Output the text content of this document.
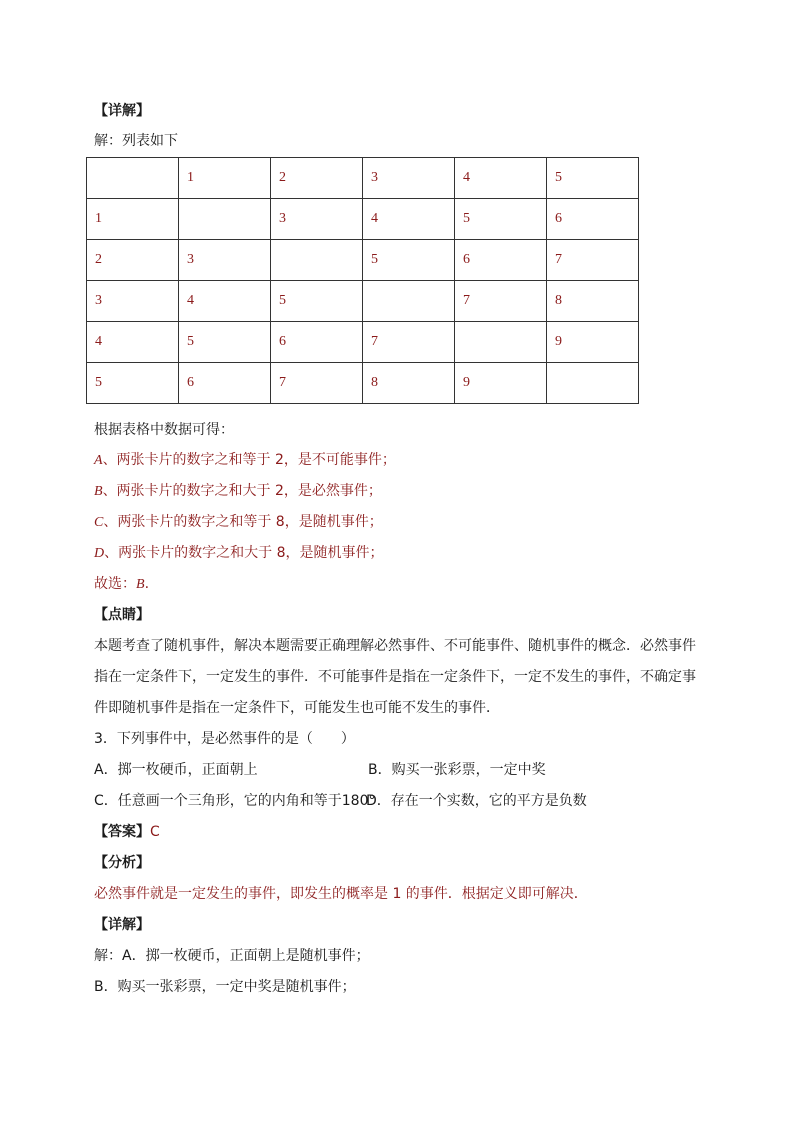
【详解】
解：列表如下
	1	2	3	4	5
1		3	4	5	6
2	3		5	6	7
3	4	5		7	8
4	5	6	7		9
5	6	7	8	9	
根据表格中数据可得：
A、两张卡片的数字之和等于 2，是不可能事件；
B、两张卡片的数字之和大于 2，是必然事件；
C、两张卡片的数字之和等于 8，是随机事件；
D、两张卡片的数字之和大于 8，是随机事件；
故选：B.
【点睛】
本题考查了随机事件，解决本题需要正确理解必然事件、不可能事件、随机事件的概念．必然事件
指在一定条件下，一定发生的事件．不可能事件是指在一定条件下，一定不发生的事件，不确定事
件即随机事件是指在一定条件下，可能发生也可能不发生的事件．
3．下列事件中，是必然事件的是（　　）
A．掷一枚硬币，正面朝上	B．购买一张彩票，一定中奖
C．任意画一个三角形，它的内角和等于180°
D．存在一个实数，它的平方是负数
【答案】C
【分析】
必然事件就是一定发生的事件，即发生的概率是 1 的事件．根据定义即可解决．
【详解】
解：A．掷一枚硬币，正面朝上是随机事件；
B．购买一张彩票，一定中奖是随机事件；
